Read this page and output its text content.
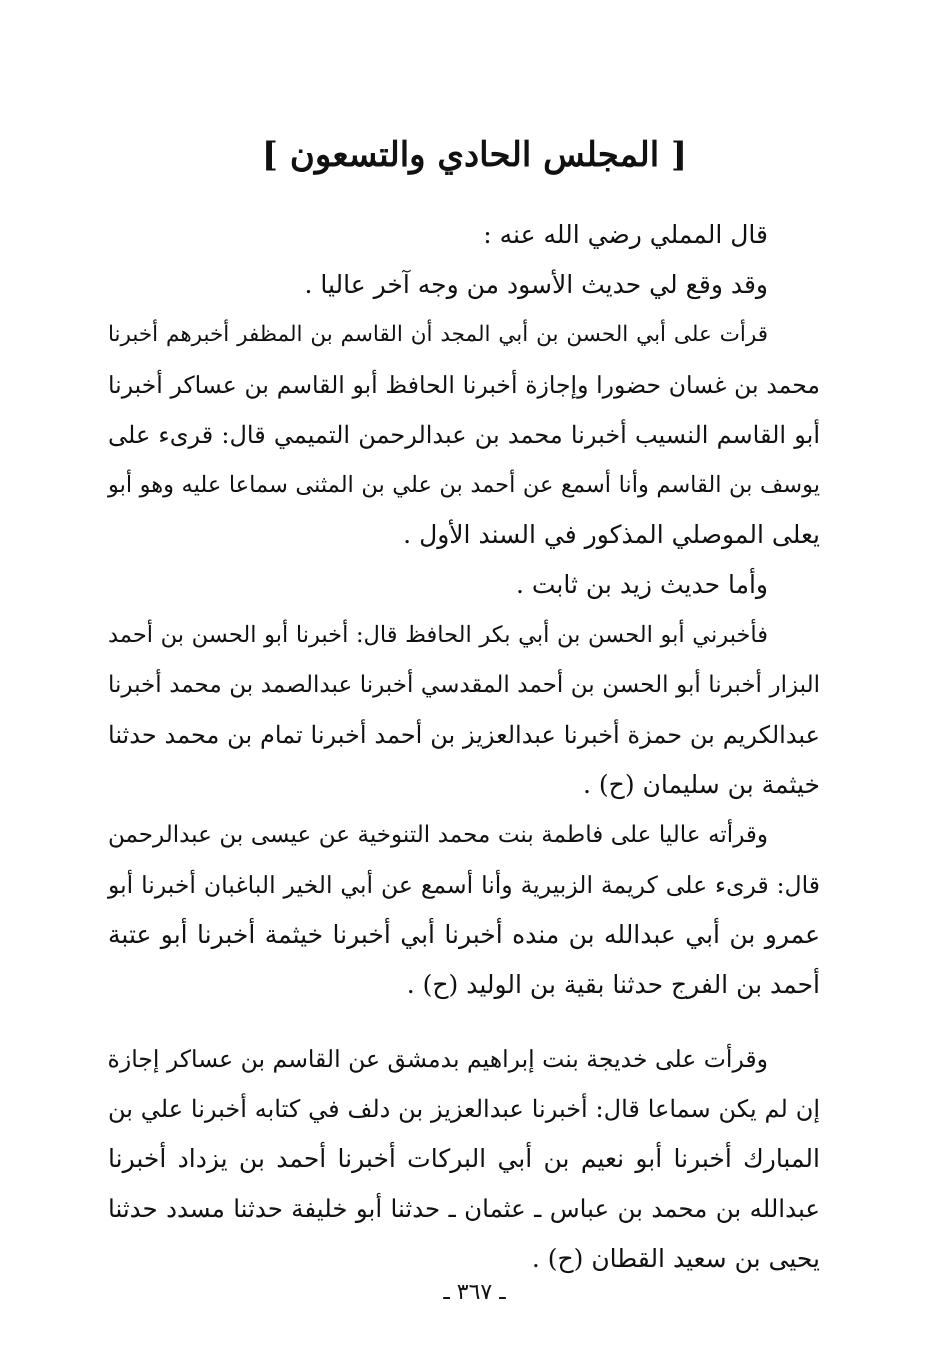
[ المجلس الحادي والتسعون ]
قال المملي رضي الله عنه :
وقد وقع لي حديث الأسود من وجه آخر عاليا .
قرأت على أبي الحسن بن أبي المجد أن القاسم بن المظفر أخبرهم أخبرنا
محمد بن غسان حضورا وإجازة أخبرنا الحافظ أبو القاسم بن عساكر أخبرنا
أبو القاسم النسيب أخبرنا محمد بن عبدالرحمن التميمي قال: قرىء على
يوسف بن القاسم وأنا أسمع عن أحمد بن علي بن المثنى سماعا عليه وهو أبو
يعلى الموصلي المذكور في السند الأول .
وأما حديث زيد بن ثابت .
فأخبرني أبو الحسن بن أبي بكر الحافظ قال: أخبرنا أبو الحسن بن أحمد
البزار أخبرنا أبو الحسن بن أحمد المقدسي أخبرنا عبدالصمد بن محمد أخبرنا
عبدالكريم بن حمزة أخبرنا عبدالعزيز بن أحمد أخبرنا تمام بن محمد حدثنا
خيثمة بن سليمان (ح) .
وقرأته عاليا على فاطمة بنت محمد التنوخية عن عيسى بن عبدالرحمن
قال: قرىء على كريمة الزبيرية وأنا أسمع عن أبي الخير الباغبان أخبرنا أبو
عمرو بن أبي عبدالله بن منده أخبرنا أبي أخبرنا خيثمة أخبرنا أبو عتبة
أحمد بن الفرج حدثنا بقية بن الوليد (ح) .
وقرأت على خديجة بنت إبراهيم بدمشق عن القاسم بن عساكر إجازة
إن لم يكن سماعا قال: أخبرنا عبدالعزيز بن دلف في كتابه أخبرنا علي بن
المبارك أخبرنا أبو نعيم بن أبي البركات أخبرنا أحمد بن يزداد أخبرنا
عبدالله بن محمد بن عباس ـ عثمان ـ حدثنا أبو خليفة حدثنا مسدد حدثنا
يحيى بن سعيد القطان (ح) .
ـ ٣٦٧ ـ
